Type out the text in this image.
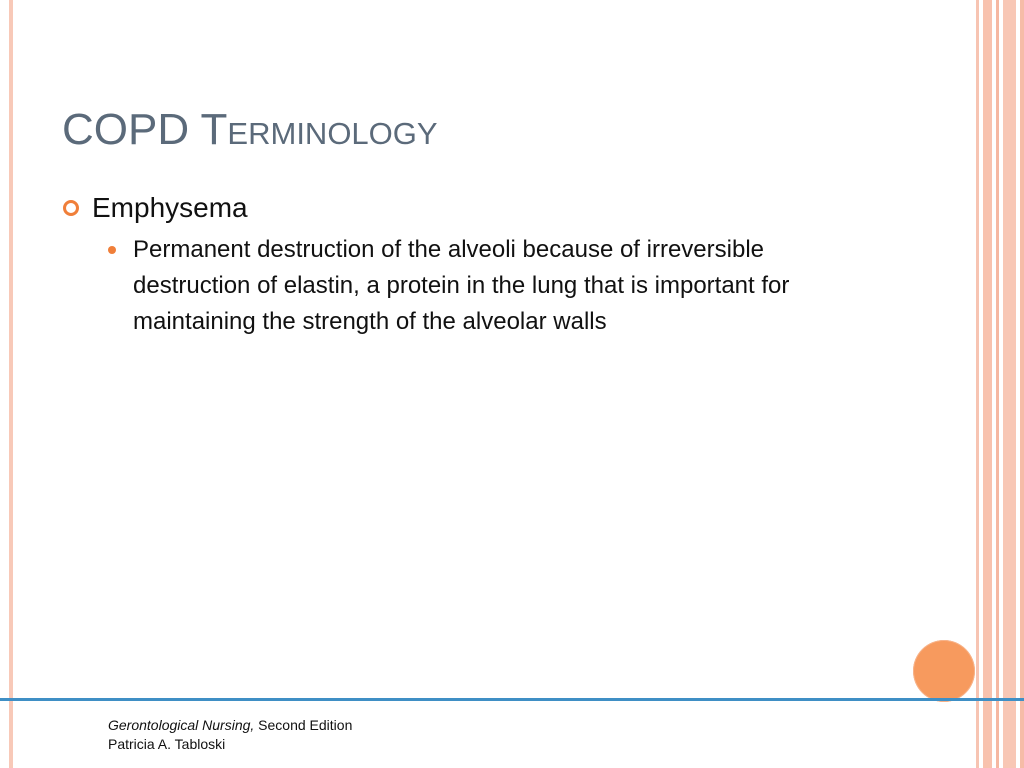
COPD Terminology
Emphysema
Permanent destruction of the alveoli because of irreversible destruction of elastin, a protein in the lung that is important for maintaining the strength of the alveolar walls
Gerontological Nursing, Second Edition
Patricia A. Tabloski
